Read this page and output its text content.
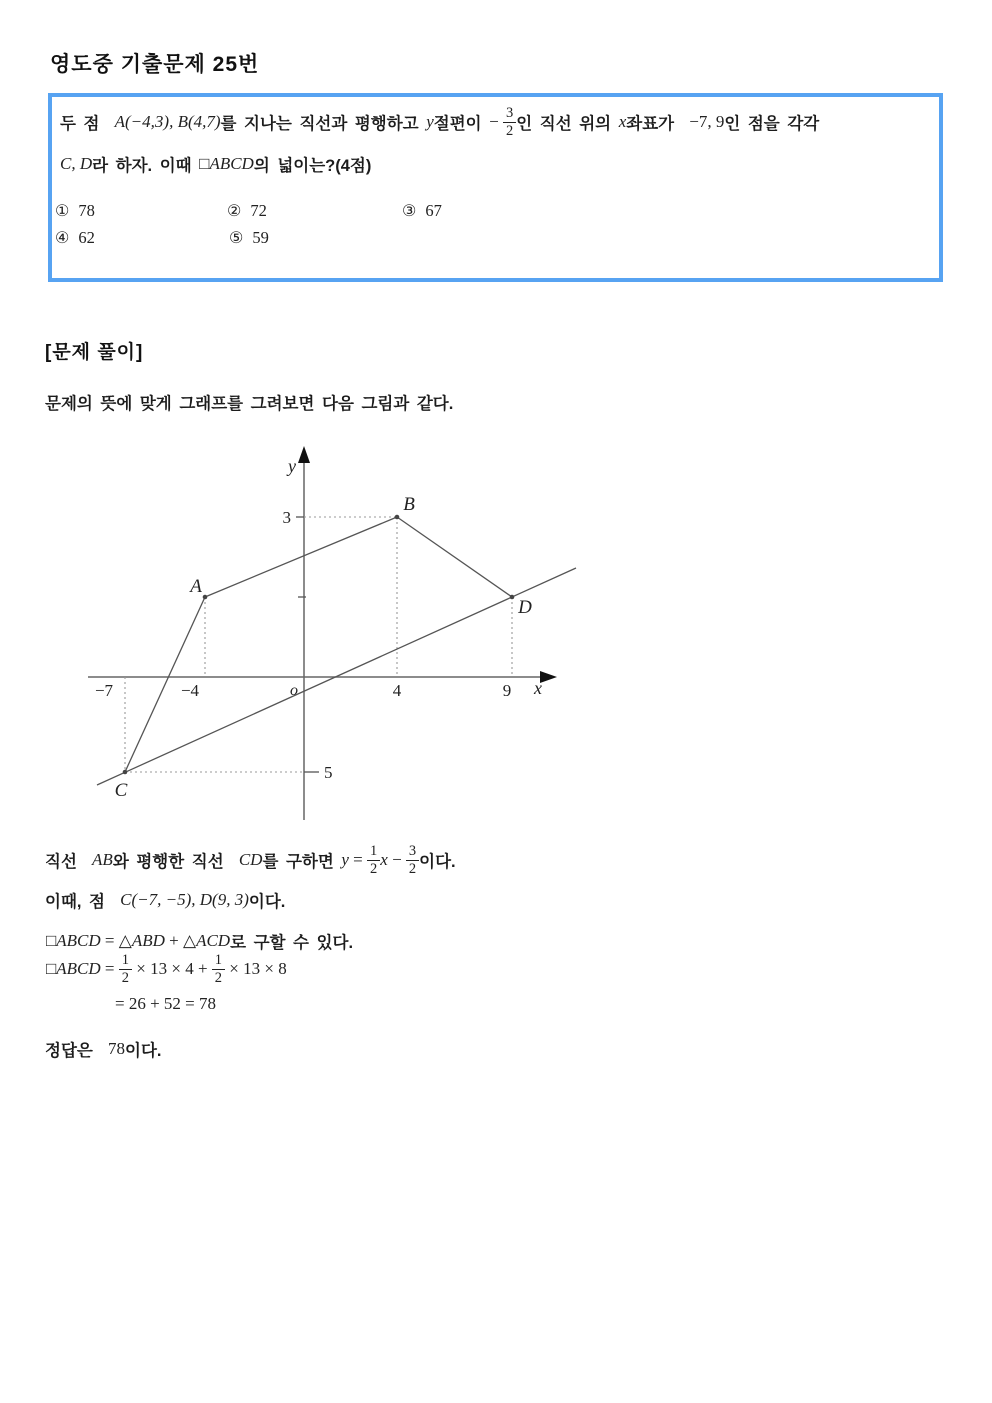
영도중 기출문제 25번
두 점 A(−4,3), B(4,7) 를 지나는 직선과 평행하고 y 절편이 − $\frac{3}{2}$ 인 직선 위의 x 좌표가 −7, 9 인 점을 각각
C, D 라 하자. 이때 □ ABCD 의 넓이는?(4점)
① 78	② 72	③ 67
④ 62	⑤ 59
[문제 풀이]
문제의 뜻에 맞게 그래프를 그려보면 다음 그림과 같다.
y
x
o
3
5
−7	−4	4	9
A
B
C
D
직선 AB 와 평행한 직선 CD 를 구하면 $y = \frac{1}{2}$ $x - \frac{3}{2}$ 이다.
이때, 점 C(−7, −5), D(9, 3) 이다.
□ ABCD = △ ABD + △ ACD 로 구할 수 있다.
□ ABCD = $\frac{1}{2} \times 13 \times 4 + \frac{1}{2} \times 13 \times 8$
= 26 + 52 = 78
정답은 78 이다.
